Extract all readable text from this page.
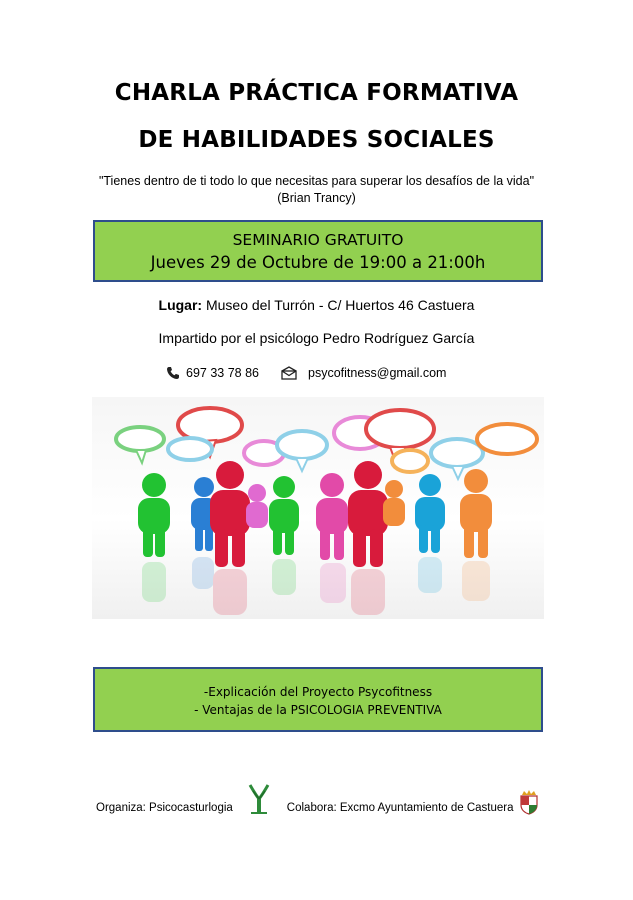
CHARLA PRÁCTICA FORMATIVA
DE HABILIDADES SOCIALES
"Tienes dentro de ti todo lo que necesitas para superar los desafíos de la vida"
(Brian Trancy)
SEMINARIO GRATUITO
Jueves 29 de Octubre de 19:00 a 21:00h
Lugar: Museo del Turrón - C/ Huertos 46 Castuera
Impartido por el psicólogo Pedro Rodríguez García
697 33 78 86	psycofitness@gmail.com
-Explicación del Proyecto Psycofitness
- Ventajas de la PSICOLOGIA PREVENTIVA
Organiza: Psicocasturlogia	Colabora: Excmo Ayuntamiento de Castuera
